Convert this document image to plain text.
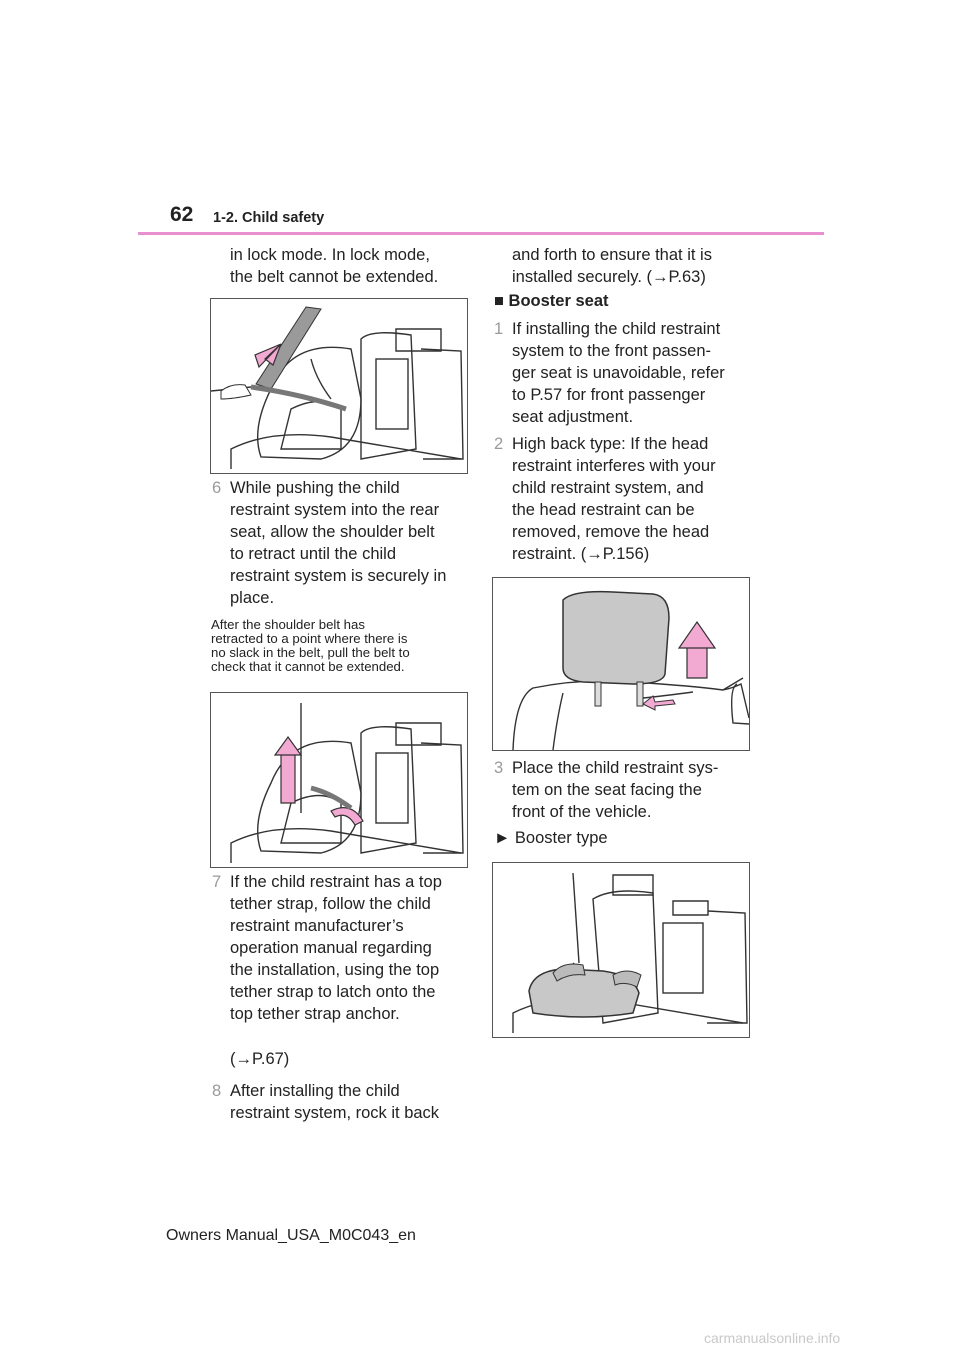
62 1-2. Child safety
in lock mode. In lock mode,
the belt cannot be extended.
6 While pushing the child
restraint system into the rear
seat, allow the shoulder belt
to retract until the child
restraint system is securely in
place.
After the shoulder belt has
retracted to a point where there is
no slack in the belt, pull the belt to
check that it cannot be extended.
7 If the child restraint has a top
tether strap, follow the child
restraint manufacturer’s
operation manual regarding
the installation, using the top
tether strap to latch onto the
top tether strap anchor.
(→P.67)
8 After installing the child
restraint system, rock it back
and forth to ensure that it is
installed securely. (→P.63)
■ Booster seat
1 If installing the child restraint
system to the front passen-
ger seat is unavoidable, refer
to P.57 for front passenger
seat adjustment.
2 High back type: If the head
restraint interferes with your
child restraint system, and
the head restraint can be
removed, remove the head
restraint. (→P.156)
3 Place the child restraint sys-
tem on the seat facing the
front of the vehicle.
► Booster type
Owners Manual_USA_M0C043_en
carmanualsonline.info
